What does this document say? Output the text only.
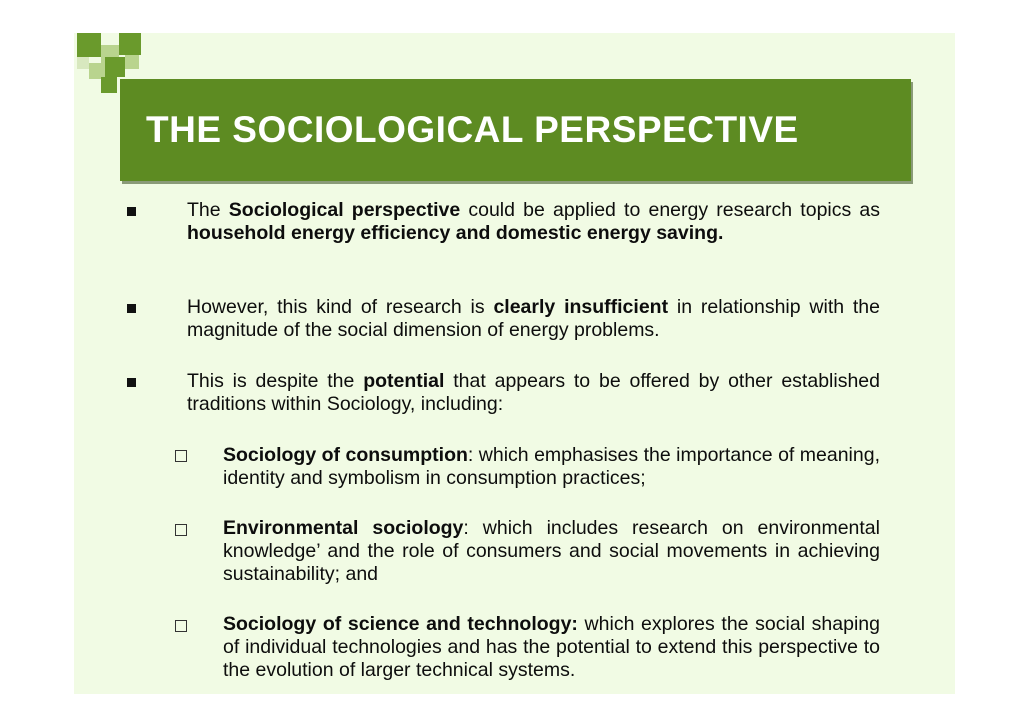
THE SOCIOLOGICAL PERSPECTIVE
The Sociological perspective could be applied to energy research topics as household energy efficiency and domestic energy saving.
However, this kind of research is clearly insufficient in relationship with the magnitude of the social dimension of energy problems.
This is despite the potential that appears to be offered by other established traditions within Sociology, including:
Sociology of consumption: which emphasises the importance of meaning, identity and symbolism in consumption practices;
Environmental sociology: which includes research on environmental knowledge’ and the role of consumers and social movements in achieving sustainability; and
Sociology of science and technology: which explores the social shaping of individual technologies and has the potential to extend this perspective to the evolution of larger technical systems.
